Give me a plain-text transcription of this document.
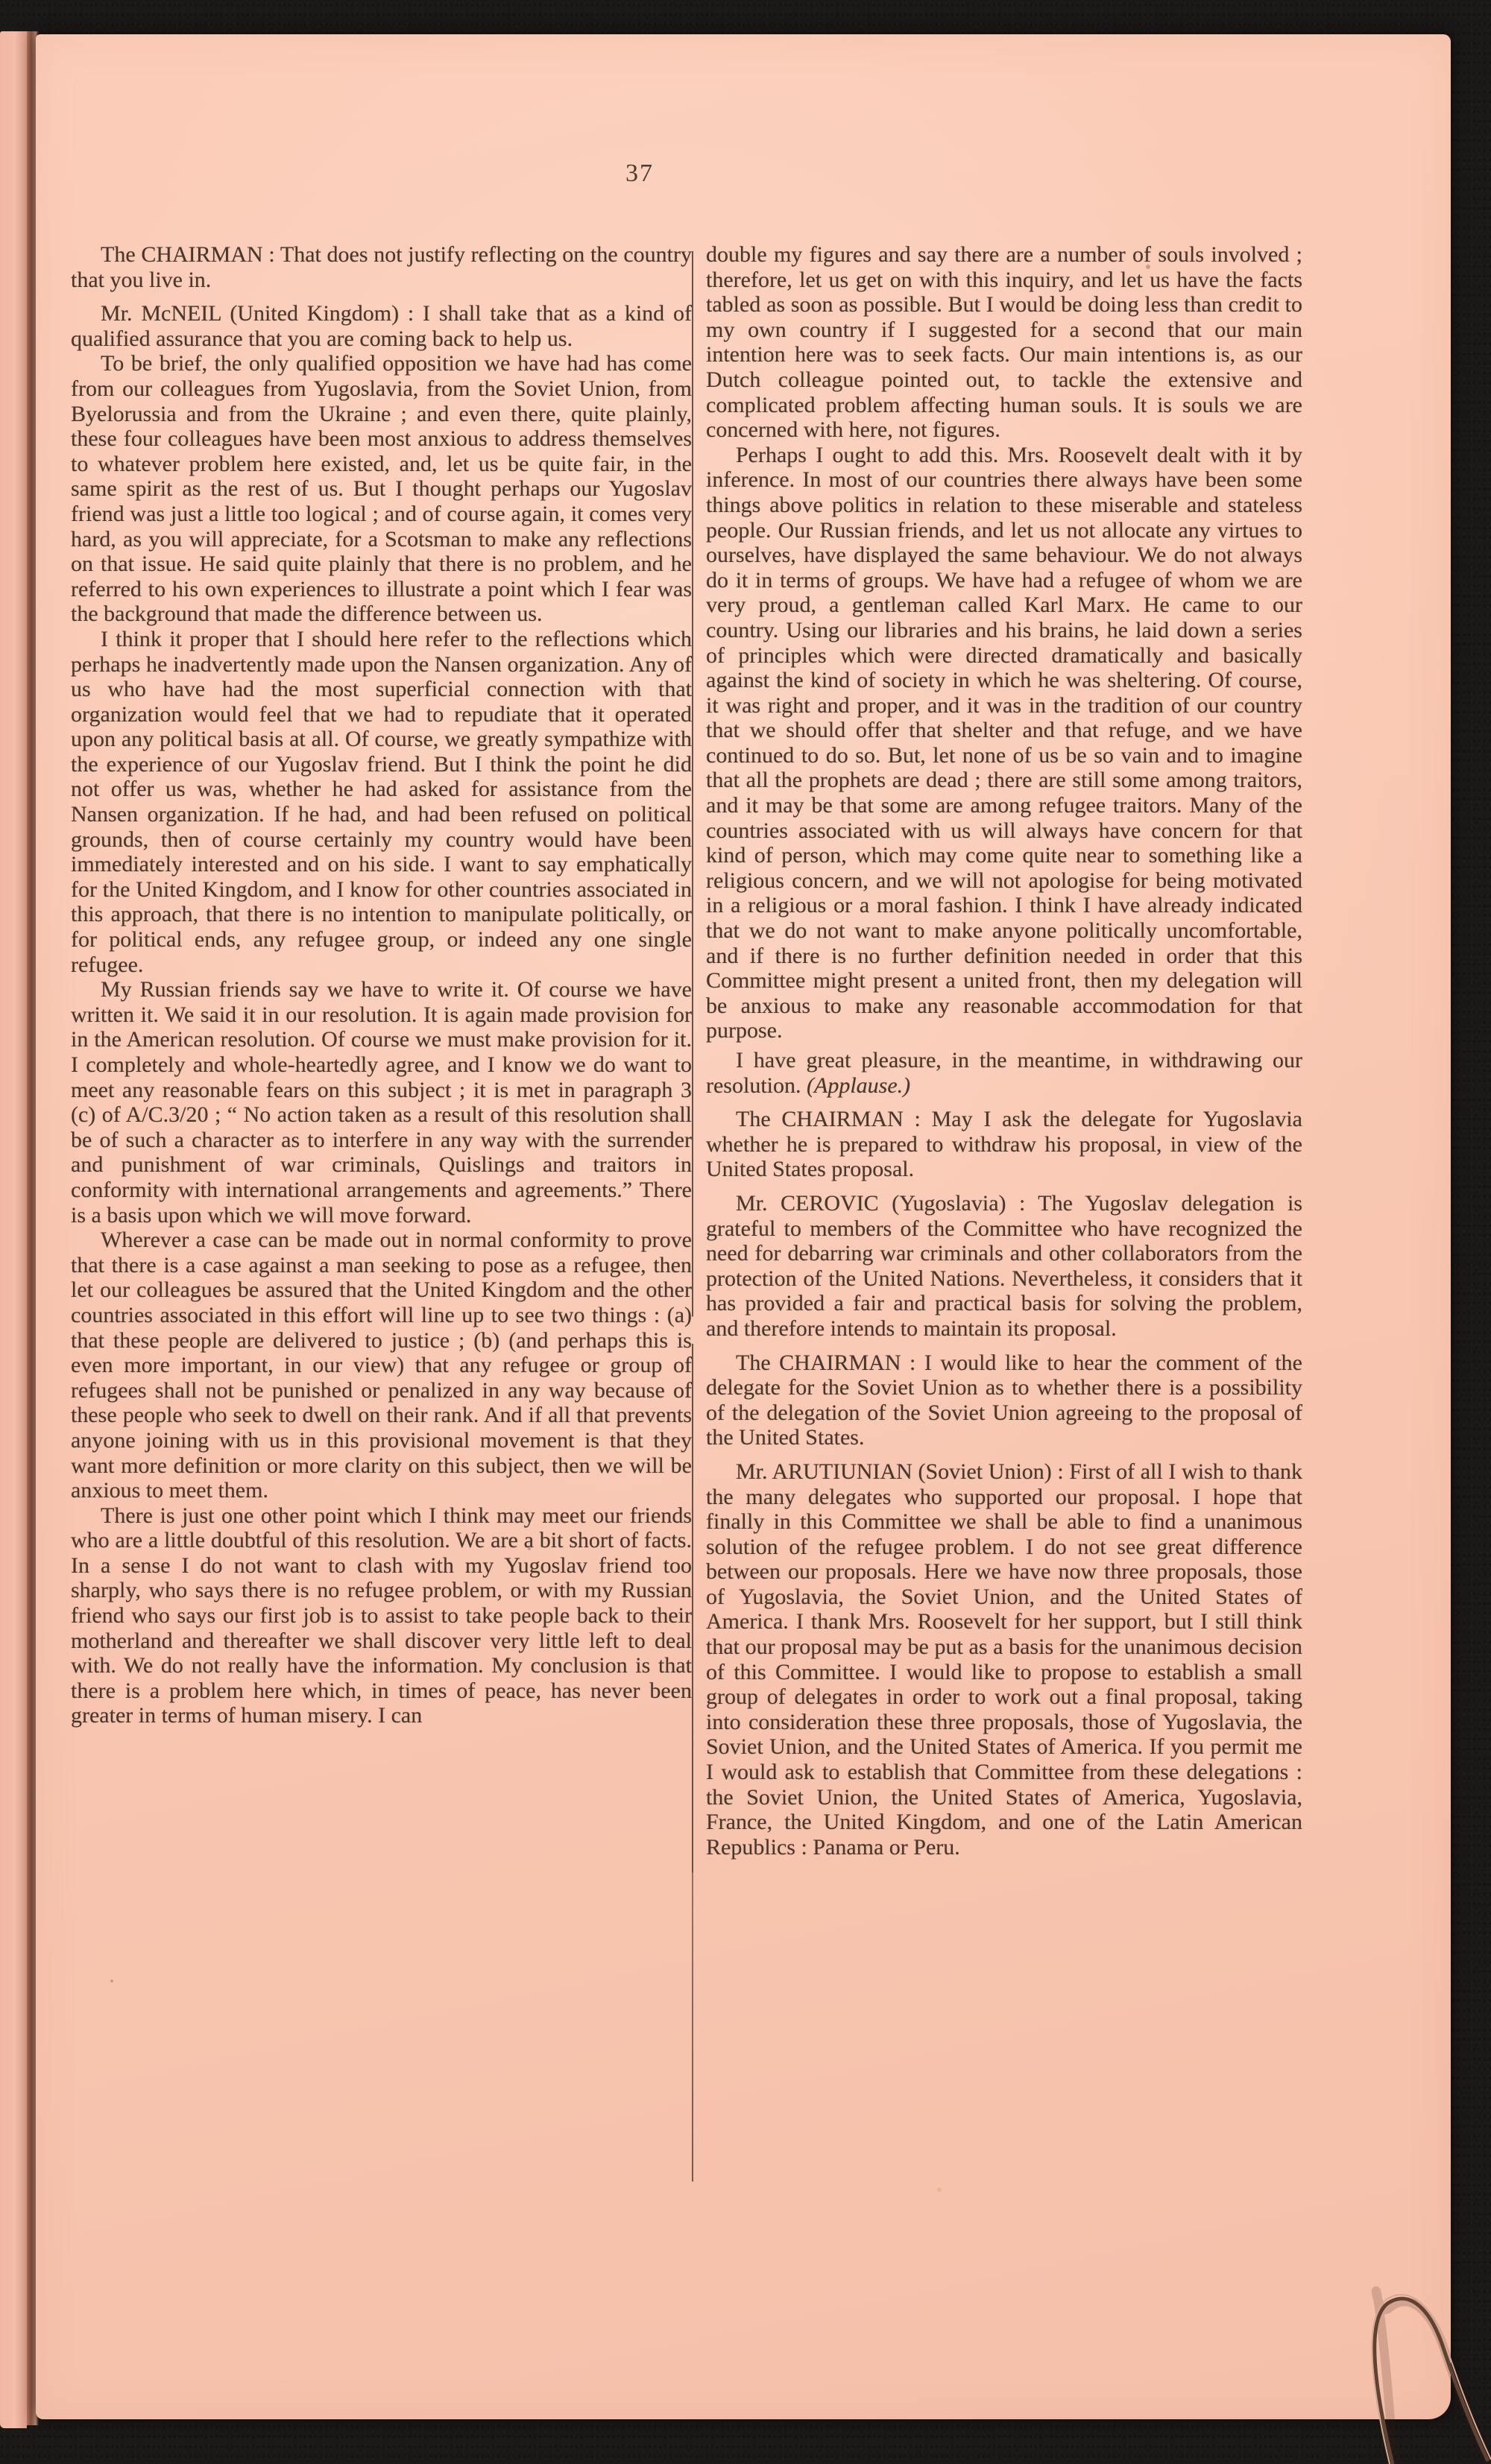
37

The CHAIRMAN : That does not justify reflecting on the country that you live in.

Mr. McNEIL (United Kingdom) : I shall take that as a kind of qualified assurance that you are coming back to help us.

To be brief, the only qualified opposition we have had has come from our colleagues from Yugoslavia, from the Soviet Union, from Byelorussia and from the Ukraine ; and even there, quite plainly, these four colleagues have been most anxious to address themselves to whatever problem here existed, and, let us be quite fair, in the same spirit as the rest of us. But I thought perhaps our Yugoslav friend was just a little too logical ; and of course again, it comes very hard, as you will appreciate, for a Scotsman to make any reflections on that issue. He said quite plainly that there is no problem, and he referred to his own experiences to illustrate a point which I fear was the background that made the difference between us.

I think it proper that I should here refer to the reflections which perhaps he inadvertently made upon the Nansen organization. Any of us who have had the most superficial connection with that organization would feel that we had to repudiate that it operated upon any political basis at all. Of course, we greatly sympathize with the experience of our Yugoslav friend. But I think the point he did not offer us was, whether he had asked for assistance from the Nansen organization. If he had, and had been refused on political grounds, then of course certainly my country would have been immediately interested and on his side. I want to say emphatically for the United Kingdom, and I know for other countries associated in this approach, that there is no intention to manipulate politically, or for political ends, any refugee group, or indeed any one single refugee.

My Russian friends say we have to write it. Of course we have written it. We said it in our resolution. It is again made provision for in the American resolution. Of course we must make provision for it. I completely and whole-heartedly agree, and I know we do want to meet any reasonable fears on this subject ; it is met in paragraph 3 (c) of A/C.3/20 ; “ No action taken as a result of this resolution shall be of such a character as to interfere in any way with the surrender and punishment of war criminals, Quislings and traitors in conformity with international arrangements and agreements.” There is a basis upon which we will move forward.

Wherever a case can be made out in normal conformity to prove that there is a case against a man seeking to pose as a refugee, then let our colleagues be assured that the United Kingdom and the other countries associated in this effort will line up to see two things : (a) that these people are delivered to justice ; (b) (and perhaps this is even more important, in our view) that any refugee or group of refugees shall not be punished or penalized in any way because of these people who seek to dwell on their rank. And if all that prevents anyone joining with us in this provisional movement is that they want more definition or more clarity on this subject, then we will be anxious to meet them.

There is just one other point which I think may meet our friends who are a little doubtful of this resolution. We are a bit short of facts. In a sense I do not want to clash with my Yugoslav friend too sharply, who says there is no refugee problem, or with my Russian friend who says our first job is to assist to take people back to their motherland and thereafter we shall discover very little left to deal with. We do not really have the information. My conclusion is that there is a problem here which, in times of peace, has never been greater in terms of human misery. I can

double my figures and say there are a number of souls involved ; therefore, let us get on with this inquiry, and let us have the facts tabled as soon as possible. But I would be doing less than credit to my own country if I suggested for a second that our main intention here was to seek facts. Our main intentions is, as our Dutch colleague pointed out, to tackle the extensive and complicated problem affecting human souls. It is souls we are concerned with here, not figures.

Perhaps I ought to add this. Mrs. Roosevelt dealt with it by inference. In most of our countries there always have been some things above politics in relation to these miserable and stateless people. Our Russian friends, and let us not allocate any virtues to ourselves, have displayed the same behaviour. We do not always do it in terms of groups. We have had a refugee of whom we are very proud, a gentleman called Karl Marx. He came to our country. Using our libraries and his brains, he laid down a series of principles which were directed dramatically and basically against the kind of society in which he was sheltering. Of course, it was right and proper, and it was in the tradition of our country that we should offer that shelter and that refuge, and we have continued to do so. But, let none of us be so vain and to imagine that all the prophets are dead ; there are still some among traitors, and it may be that some are among refugee traitors. Many of the countries associated with us will always have concern for that kind of person, which may come quite near to something like a religious concern, and we will not apologise for being motivated in a religious or a moral fashion. I think I have already indicated that we do not want to make anyone politically uncomfortable, and if there is no further definition needed in order that this Committee might present a united front, then my delegation will be anxious to make any reasonable accommodation for that purpose.

I have great pleasure, in the meantime, in withdrawing our resolution. (Applause.)

The CHAIRMAN : May I ask the delegate for Yugoslavia whether he is prepared to withdraw his proposal, in view of the United States proposal.

Mr. CEROVIC (Yugoslavia) : The Yugoslav delegation is grateful to members of the Committee who have recognized the need for debarring war criminals and other collaborators from the protection of the United Nations. Nevertheless, it considers that it has provided a fair and practical basis for solving the problem, and therefore intends to maintain its proposal.

The CHAIRMAN : I would like to hear the comment of the delegate for the Soviet Union as to whether there is a possibility of the delegation of the Soviet Union agreeing to the proposal of the United States.

Mr. ARUTIUNIAN (Soviet Union) : First of all I wish to thank the many delegates who supported our proposal. I hope that finally in this Committee we shall be able to find a unanimous solution of the refugee problem. I do not see great difference between our proposals. Here we have now three proposals, those of Yugoslavia, the Soviet Union, and the United States of America. I thank Mrs. Roosevelt for her support, but I still think that our proposal may be put as a basis for the unanimous decision of this Committee. I would like to propose to establish a small group of delegates in order to work out a final proposal, taking into consideration these three proposals, those of Yugoslavia, the Soviet Union, and the United States of America. If you permit me I would ask to establish that Committee from these delegations : the Soviet Union, the United States of America, Yugoslavia, France, the United Kingdom, and one of the Latin American Republics : Panama or Peru.
